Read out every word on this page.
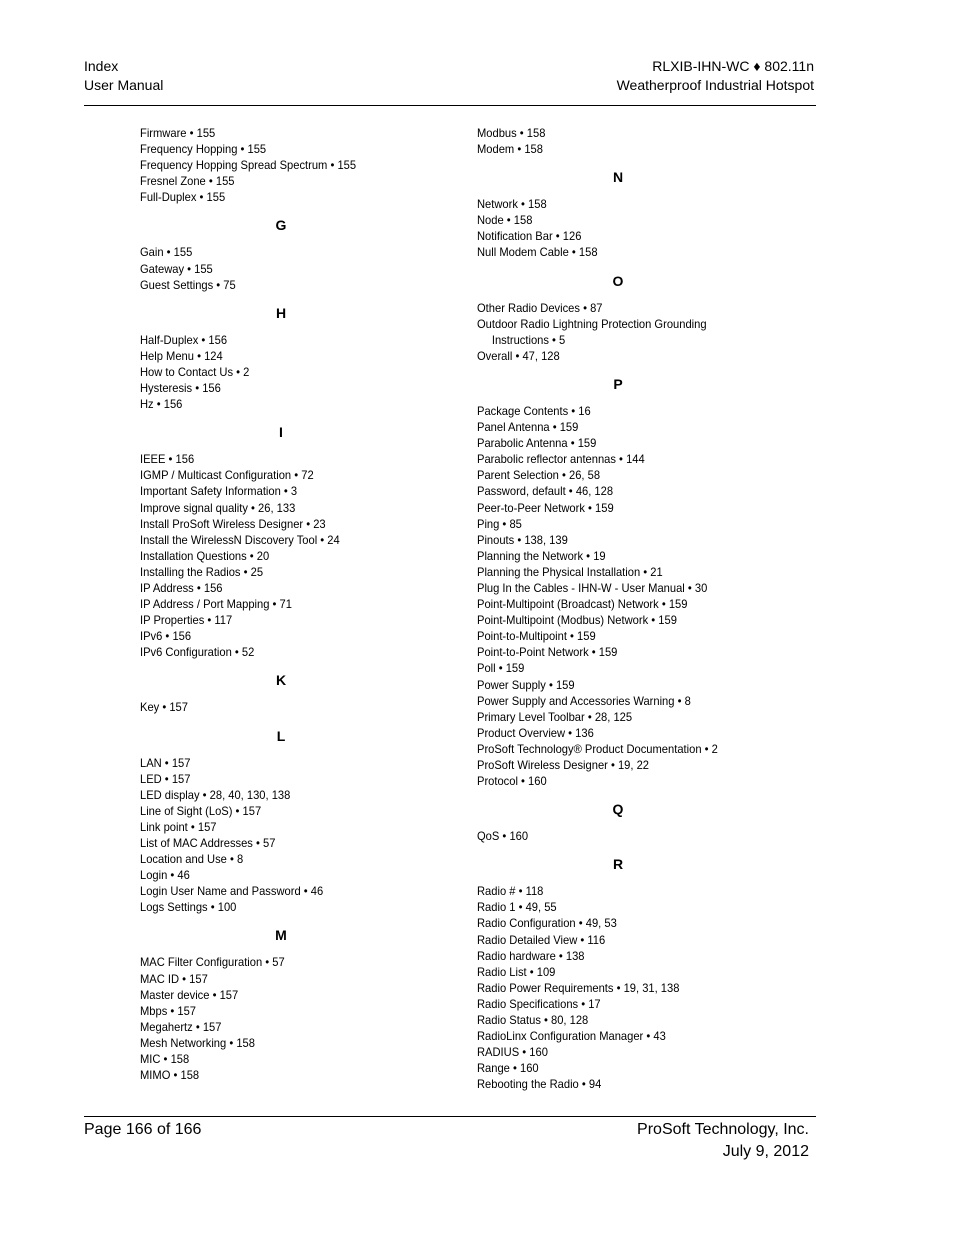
Index
User Manual
RLXIB-IHN-WC ♦ 802.11n
Weatherproof Industrial Hotspot
Firmware • 155
Frequency Hopping • 155
Frequency Hopping Spread Spectrum • 155
Fresnel Zone • 155
Full-Duplex • 155
G
Gain • 155
Gateway • 155
Guest Settings • 75
H
Half-Duplex • 156
Help Menu • 124
How to Contact Us • 2
Hysteresis • 156
Hz • 156
I
IEEE • 156
IGMP / Multicast Configuration • 72
Important Safety Information • 3
Improve signal quality • 26, 133
Install ProSoft Wireless Designer • 23
Install the WirelessN Discovery Tool • 24
Installation Questions • 20
Installing the Radios • 25
IP Address • 156
IP Address / Port Mapping • 71
IP Properties • 117
IPv6 • 156
IPv6 Configuration • 52
K
Key • 157
L
LAN • 157
LED • 157
LED display • 28, 40, 130, 138
Line of Sight (LoS) • 157
Link point • 157
List of MAC Addresses • 57
Location and Use • 8
Login • 46
Login User Name and Password • 46
Logs Settings • 100
M
MAC Filter Configuration • 57
MAC ID • 157
Master device • 157
Mbps • 157
Megahertz • 157
Mesh Networking • 158
MIC • 158
MIMO • 158
Modbus • 158
Modem • 158
N
Network • 158
Node • 158
Notification Bar • 126
Null Modem Cable • 158
O
Other Radio Devices • 87
Outdoor Radio Lightning Protection Grounding
Instructions • 5
Overall • 47, 128
P
Package Contents • 16
Panel Antenna • 159
Parabolic Antenna • 159
Parabolic reflector antennas • 144
Parent Selection • 26, 58
Password, default • 46, 128
Peer-to-Peer Network • 159
Ping • 85
Pinouts • 138, 139
Planning the Network • 19
Planning the Physical Installation • 21
Plug In the Cables - IHN-W - User Manual • 30
Point-Multipoint (Broadcast) Network • 159
Point-Multipoint (Modbus) Network • 159
Point-to-Multipoint • 159
Point-to-Point Network • 159
Poll • 159
Power Supply • 159
Power Supply and Accessories Warning • 8
Primary Level Toolbar • 28, 125
Product Overview • 136
ProSoft Technology® Product Documentation • 2
ProSoft Wireless Designer • 19, 22
Protocol • 160
Q
QoS • 160
R
Radio # • 118
Radio 1 • 49, 55
Radio Configuration • 49, 53
Radio Detailed View • 116
Radio hardware • 138
Radio List • 109
Radio Power Requirements • 19, 31, 138
Radio Specifications • 17
Radio Status • 80, 128
RadioLinx Configuration Manager • 43
RADIUS • 160
Range • 160
Rebooting the Radio • 94
Page 166 of 166	ProSoft Technology, Inc.
July 9, 2012
